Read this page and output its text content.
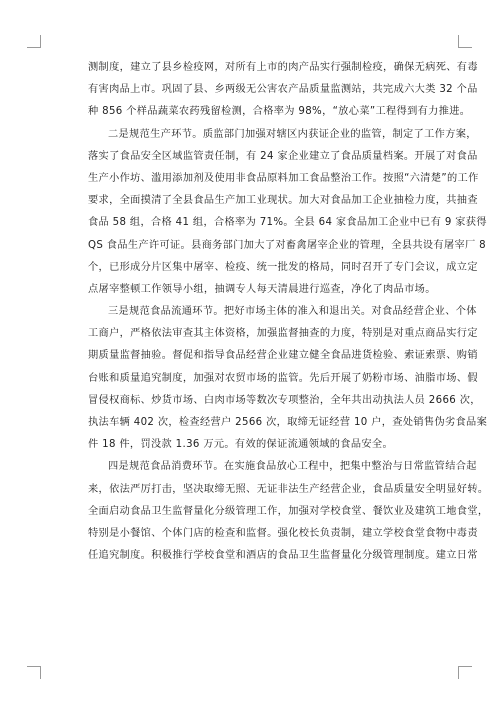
测制度，建立了县乡检疫网，对所有上市的肉产品实行强制检疫，确保无病死、有毒
有害肉品上市。巩固了县、乡两级无公害农产品质量监测站，共完成六大类 32 个品
种 856 个样品蔬菜农药残留检测，合格率为 98%，“放心菜”工程得到有力推进。
二是规范生产环节。质监部门加强对辖区内获证企业的监管，制定了工作方案，
落实了食品安全区域监管责任制，有 24 家企业建立了食品质量档案。开展了对食品
生产小作坊、滥用添加剂及使用非食品原料加工食品整治工作。按照“六清楚”的工作
要求，全面摸清了全县食品生产加工业现状。加大对食品加工企业抽检力度，共抽查
食品 58 组，合格 41 组，合格率为 71%。全县 64 家食品加工企业中已有 9 家获得
QS 食品生产许可证。县商务部门加大了对畜禽屠宰企业的管理，全县共设有屠宰厂 8
个，已形成分片区集中屠宰、检疫、统一批发的格局，同时召开了专门会议，成立定
点屠宰整顿工作领导小组，抽调专人每天清晨进行巡查，净化了肉品市场。
三是规范食品流通环节。把好市场主体的准入和退出关。对食品经营企业、个体
工商户，严格依法审查其主体资格，加强监督抽查的力度，特别是对重点商品实行定
期质量监督抽验。督促和指导食品经营企业建立健全食品进货检验、索证索票、购销
台账和质量追究制度，加强对农贸市场的监管。先后开展了奶粉市场、油脂市场、假
冒侵权商标、炒货市场、白肉市场等数次专项整治，全年共出动执法人员 2666 次，
执法车辆 402 次，检查经营户 2566 次，取缔无证经营 10 户，查处销售伪劣食品案
件 18 件，罚没款 1.36 万元。有效的保证流通领域的食品安全。
四是规范食品消费环节。在实施食品放心工程中，把集中整治与日常监管结合起
来，依法严厉打击，坚决取缔无照、无证非法生产经营企业，食品质量安全明显好转。
全面启动食品卫生监督量化分级管理工作，加强对学校食堂、餐饮业及建筑工地食堂，
特别是小餐馆、个体门店的检查和监督。强化校长负责制，建立学校食堂食物中毒责
任追究制度。积极推行学校食堂和酒店的食品卫生监督量化分级管理制度。建立日常
